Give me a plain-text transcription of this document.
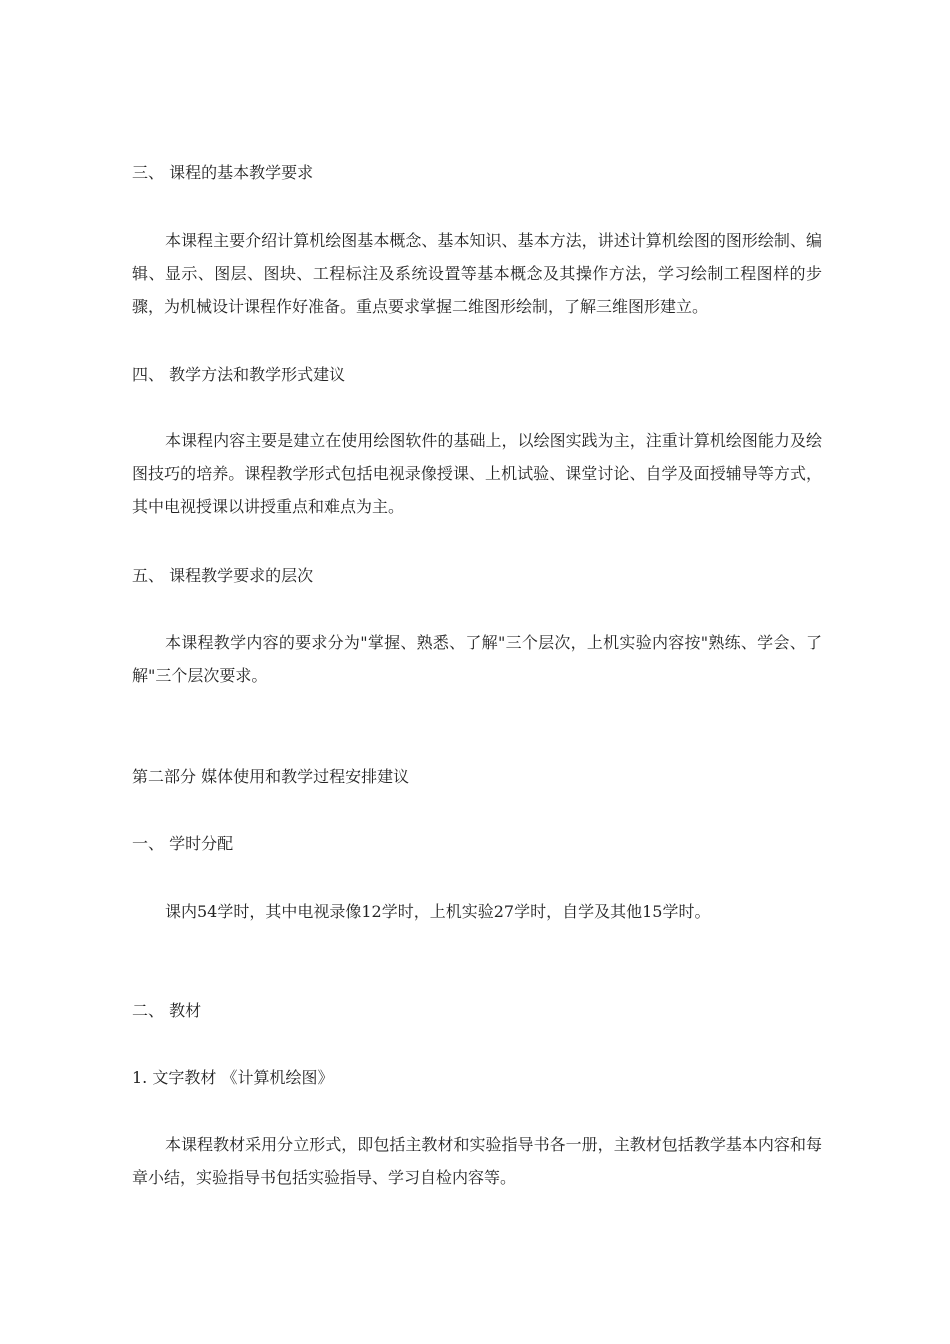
三、 课程的基本教学要求
本课程主要介绍计算机绘图基本概念、基本知识、基本方法，讲述计算机绘图的图形绘制、编辑、显示、图层、图块、工程标注及系统设置等基本概念及其操作方法，学习绘制工程图样的步骤，为机械设计课程作好准备。重点要求掌握二维图形绘制，了解三维图形建立。
四、 教学方法和教学形式建议
本课程内容主要是建立在使用绘图软件的基础上，以绘图实践为主，注重计算机绘图能力及绘图技巧的培养。课程教学形式包括电视录像授课、上机试验、课堂讨论、自学及面授辅导等方式，其中电视授课以讲授重点和难点为主。
五、 课程教学要求的层次
本课程教学内容的要求分为"掌握、熟悉、了解"三个层次，上机实验内容按"熟练、学会、了解"三个层次要求。
第二部分 媒体使用和教学过程安排建议
一、 学时分配
课内54学时，其中电视录像12学时，上机实验27学时，自学及其他15学时。
二、 教材
1. 文字教材 《计算机绘图》
本课程教材采用分立形式，即包括主教材和实验指导书各一册，主教材包括教学基本内容和每章小结，实验指导书包括实验指导、学习自检内容等。
